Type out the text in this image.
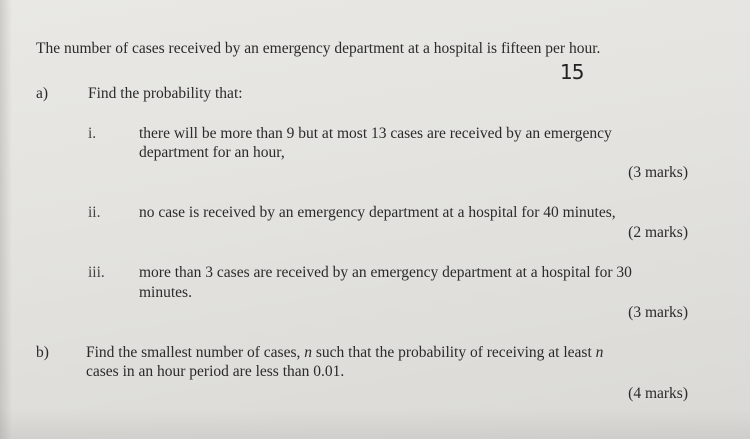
The number of cases received by an emergency department at a hospital is fifteen per hour.
15
a)	Find the probability that:
i.	there will be more than 9 but at most 13 cases are received by an emergency
department for an hour,
(3 marks)
ii. no case is received by an emergency department at a hospital for 40 minutes,
(2 marks)
iii. more than 3 cases are received by an emergency department at a hospital for 30
minutes.
(3 marks)
b) Find the smallest number of cases, n such that the probability of receiving at least n
cases in an hour period are less than 0.01.
(4 marks)
